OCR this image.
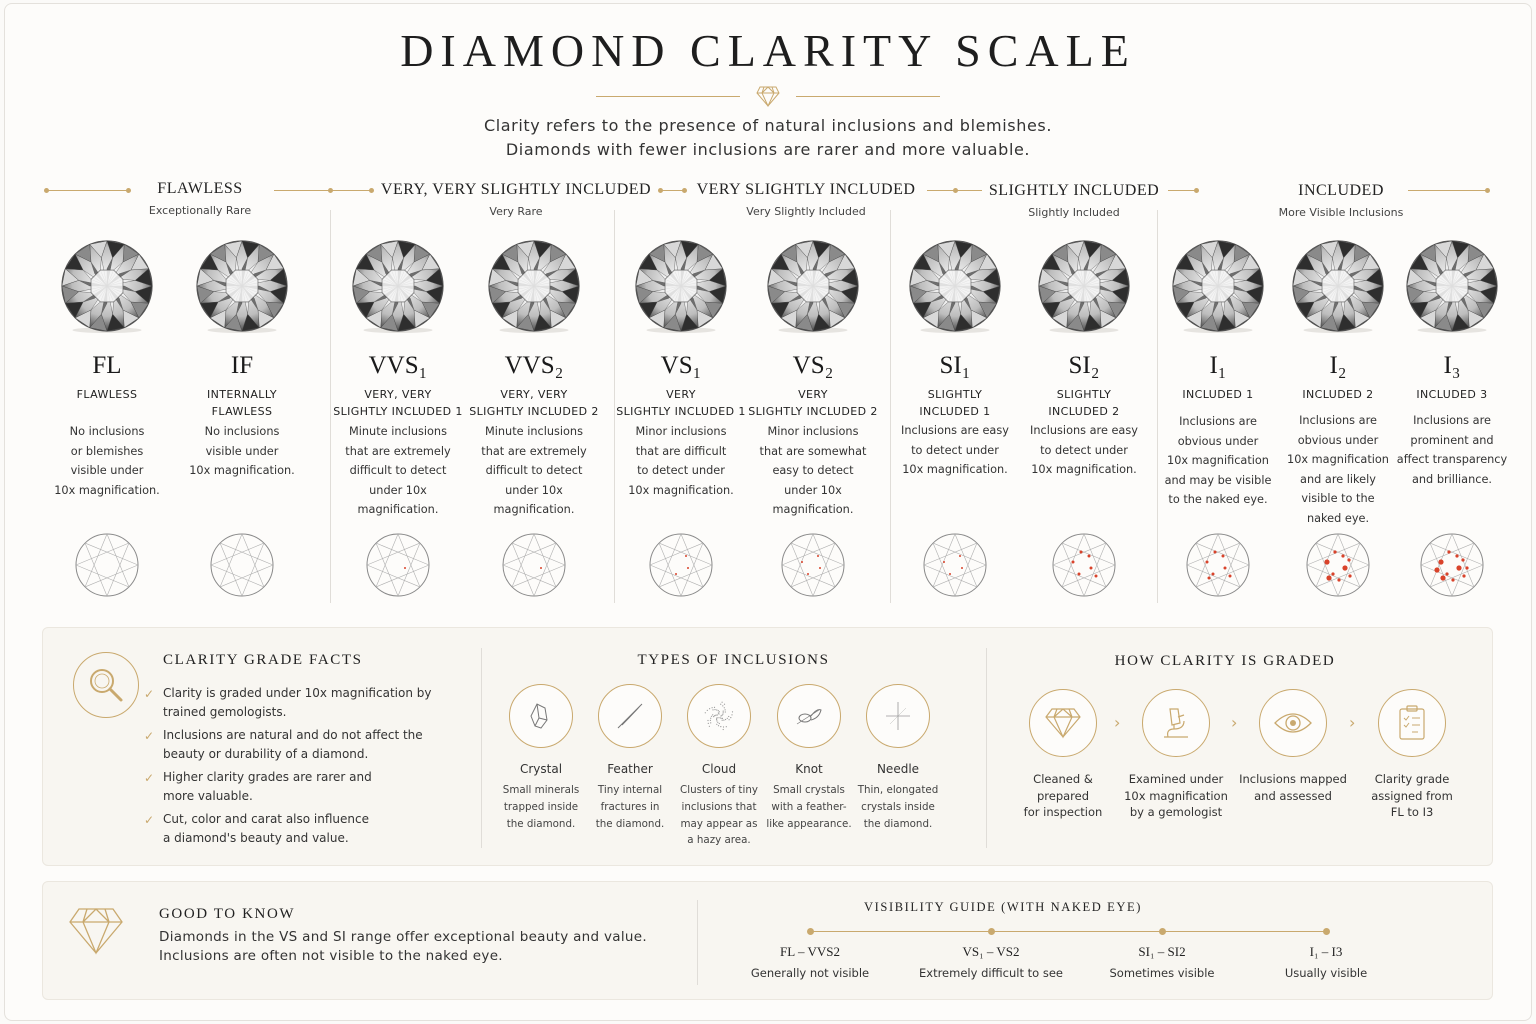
DIAMOND CLARITY SCALE
Clarity refers to the presence of natural inclusions and blemishes.
Diamonds with fewer inclusions are rarer and more valuable.
FLAWLESS
Exceptionally Rare
VERY, VERY SLIGHTLY INCLUDED
Very Rare
VERY SLIGHTLY INCLUDED
Very Slightly Included
SLIGHTLY INCLUDED
Slightly Included
INCLUDED
More Visible Inclusions
FL
FLAWLESS
No inclusions
or blemishes
visible under
10x magnification.
IF
INTERNALLY
FLAWLESS
No inclusions
visible under
10x magnification.
VVS₁
VERY, VERY
SLIGHTLY INCLUDED 1
Minute inclusions
that are extremely
difficult to detect
under 10x
magnification.
VVS₂
VERY, VERY
SLIGHTLY INCLUDED 2
Minute inclusions
that are extremely
difficult to detect
under 10x
magnification.
VS₁
VERY
SLIGHTLY INCLUDED 1
Minor inclusions
that are difficult
to detect under
10x magnification.
VS₂
VERY
SLIGHTLY INCLUDED 2
Minor inclusions
that are somewhat
easy to detect
under 10x
magnification.
SI₁
SLIGHTLY
INCLUDED 1
Inclusions are easy
to detect under
10x magnification.
SI₂
SLIGHTLY
INCLUDED 2
Inclusions are easy
to detect under
10x magnification.
I₁
INCLUDED 1
Inclusions are
obvious under
10x magnification
and may be visible
to the naked eye.
I₂
INCLUDED 2
Inclusions are
obvious under
10x magnification
and are likely
visible to the
naked eye.
I₃
INCLUDED 3
Inclusions are
prominent and
affect transparency
and brilliance.
CLARITY GRADE FACTS
✓ Clarity is graded under 10x magnification by
trained gemologists.
✓ Inclusions are natural and do not affect the
beauty or durability of a diamond.
✓ Higher clarity grades are rarer and
more valuable.
✓ Cut, color and carat also influence
a diamond's beauty and value.
TYPES OF INCLUSIONS
Crystal
Small minerals
trapped inside
the diamond.
Feather
Tiny internal
fractures in
the diamond.
Cloud
Clusters of tiny
inclusions that
may appear as
a hazy area.
Knot
Small crystals
with a feather-
like appearance.
Needle
Thin, elongated
crystals inside
the diamond.
HOW CLARITY IS GRADED
Cleaned &
prepared
for inspection
Examined under
10x magnification
by a gemologist
Inclusions mapped
and assessed
Clarity grade
assigned from
FL to I3
›	›	›
GOOD TO KNOW
Diamonds in the VS and SI range offer exceptional beauty and value.
Inclusions are often not visible to the naked eye.
VISIBILITY GUIDE (WITH NAKED EYE)
FL – VVS2
Generally not visible
VS₁ – VS2
Extremely difficult to see
SI₁ – SI2
Sometimes visible
I₁ – I3
Usually visible
